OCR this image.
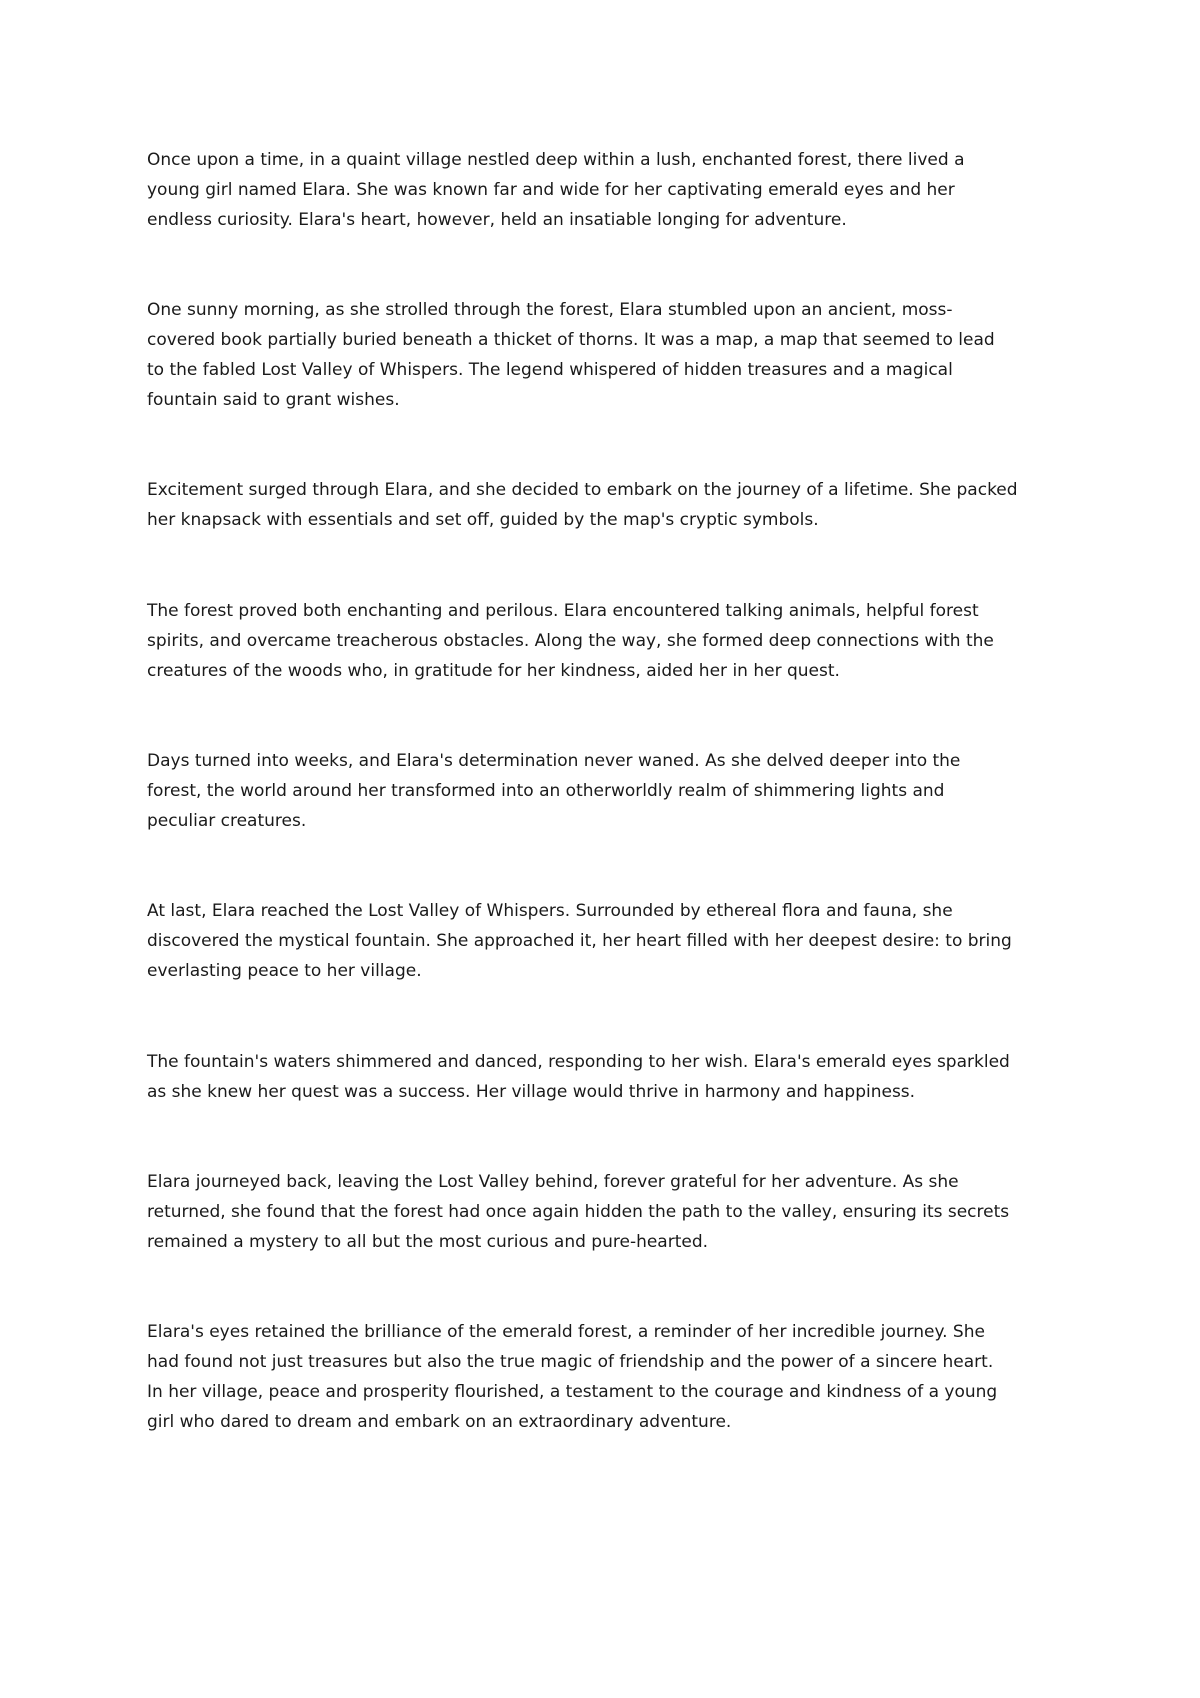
Once upon a time, in a quaint village nestled deep within a lush, enchanted forest, there lived a
young girl named Elara. She was known far and wide for her captivating emerald eyes and her
endless curiosity. Elara's heart, however, held an insatiable longing for adventure.

One sunny morning, as she strolled through the forest, Elara stumbled upon an ancient, moss-
covered book partially buried beneath a thicket of thorns. It was a map, a map that seemed to lead
to the fabled Lost Valley of Whispers. The legend whispered of hidden treasures and a magical
fountain said to grant wishes.

Excitement surged through Elara, and she decided to embark on the journey of a lifetime. She packed
her knapsack with essentials and set off, guided by the map's cryptic symbols.

The forest proved both enchanting and perilous. Elara encountered talking animals, helpful forest
spirits, and overcame treacherous obstacles. Along the way, she formed deep connections with the
creatures of the woods who, in gratitude for her kindness, aided her in her quest.

Days turned into weeks, and Elara's determination never waned. As she delved deeper into the
forest, the world around her transformed into an otherworldly realm of shimmering lights and
peculiar creatures.

At last, Elara reached the Lost Valley of Whispers. Surrounded by ethereal flora and fauna, she
discovered the mystical fountain. She approached it, her heart filled with her deepest desire: to bring
everlasting peace to her village.

The fountain's waters shimmered and danced, responding to her wish. Elara's emerald eyes sparkled
as she knew her quest was a success. Her village would thrive in harmony and happiness.

Elara journeyed back, leaving the Lost Valley behind, forever grateful for her adventure. As she
returned, she found that the forest had once again hidden the path to the valley, ensuring its secrets
remained a mystery to all but the most curious and pure-hearted.

Elara's eyes retained the brilliance of the emerald forest, a reminder of her incredible journey. She
had found not just treasures but also the true magic of friendship and the power of a sincere heart.
In her village, peace and prosperity flourished, a testament to the courage and kindness of a young
girl who dared to dream and embark on an extraordinary adventure.
